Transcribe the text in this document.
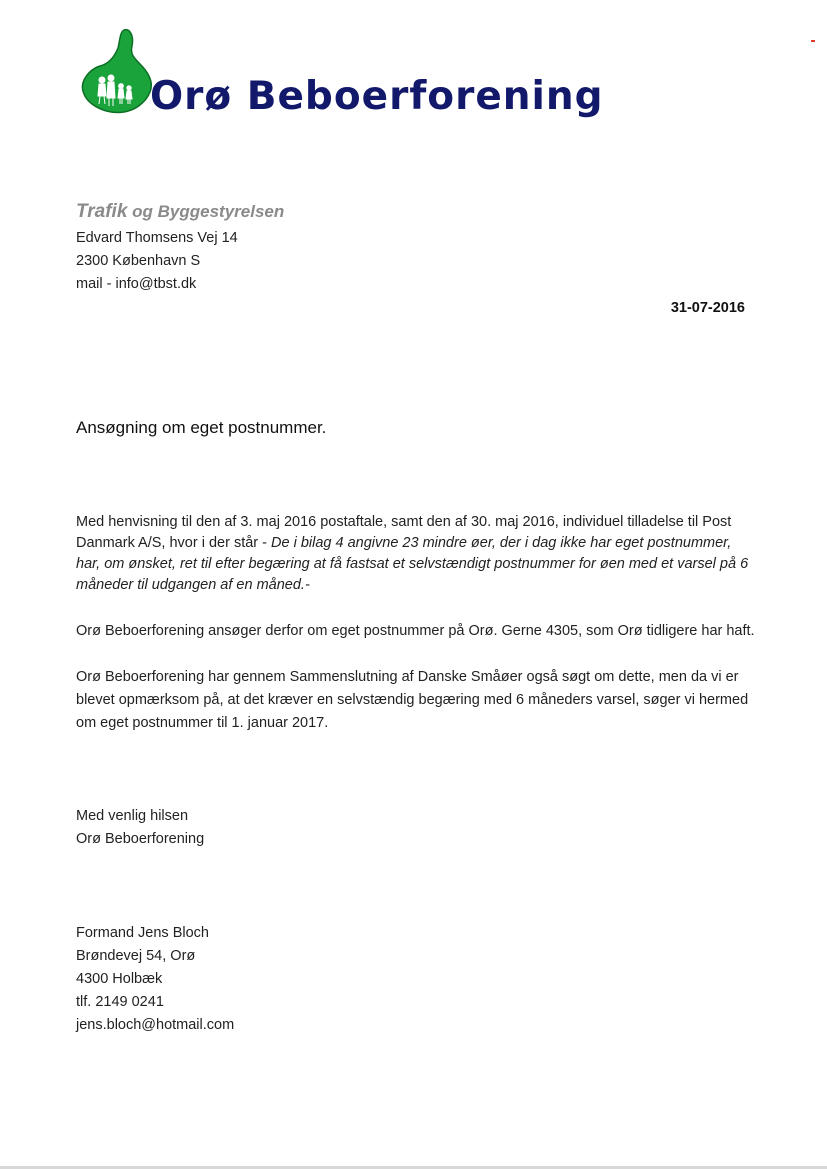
Orø Beboerforening
Trafik og Byggestyrelsen
Edvard Thomsens Vej 14
2300 København S
mail - info@tbst.dk
31-07-2016
Ansøgning om eget postnummer.
Med henvisning til den af 3. maj 2016 postaftale, samt den af 30. maj 2016, individuel tilladelse til Post Danmark A/S, hvor i der står - De i bilag 4 angivne 23 mindre øer, der i dag ikke har eget postnummer, har, om ønsket, ret til efter begæring at få fastsat et selvstændigt postnummer for øen med et varsel på 6 måneder til udgangen af en måned.-
Orø Beboerforening ansøger derfor om eget postnummer på Orø. Gerne 4305, som Orø tidligere har haft.
Orø Beboerforening har gennem Sammenslutning af Danske Småøer også søgt om dette, men da vi er blevet opmærksom på, at det kræver en selvstændig begæring med 6 måneders varsel, søger vi hermed om eget postnummer til 1. januar 2017.
Med venlig hilsen
Orø Beboerforening
Formand Jens Bloch
Brøndevej 54, Orø
4300 Holbæk
tlf. 2149 0241
jens.bloch@hotmail.com
